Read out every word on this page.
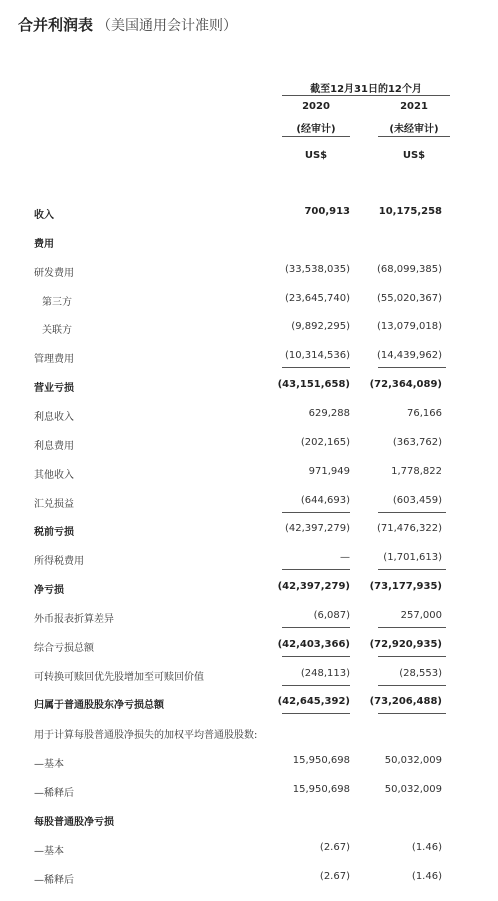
合并利润表 （美国通用会计准则）
截至12月31日的12个月
2020	2021
(经审计)	(未经审计)
US$	US$
收入	700,913	10,175,258
费用
研发费用	(33,538,035)	(68,099,385)
第三方	(23,645,740)	(55,020,367)
关联方	(9,892,295)	(13,079,018)
管理费用	(10,314,536)	(14,439,962)
营业亏损	(43,151,658)	(72,364,089)
利息收入	629,288	76,166
利息费用	(202,165)	(363,762)
其他收入	971,949	1,778,822
汇兑损益	(644,693)	(603,459)
税前亏损	(42,397,279)	(71,476,322)
所得税费用	—	(1,701,613)
净亏损	(42,397,279)	(73,177,935)
外币报表折算差异	(6,087)	257,000
综合亏损总额	(42,403,366)	(72,920,935)
可转换可赎回优先股增加至可赎回价值	(248,113)	(28,553)
归属于普通股股东净亏损总额	(42,645,392)	(73,206,488)
用于计算每股普通股净损失的加权平均普通股股数:
—基本	15,950,698	50,032,009
—稀释后	15,950,698	50,032,009
每股普通股净亏损
—基本	(2.67)	(1.46)
—稀释后	(2.67)	(1.46)
